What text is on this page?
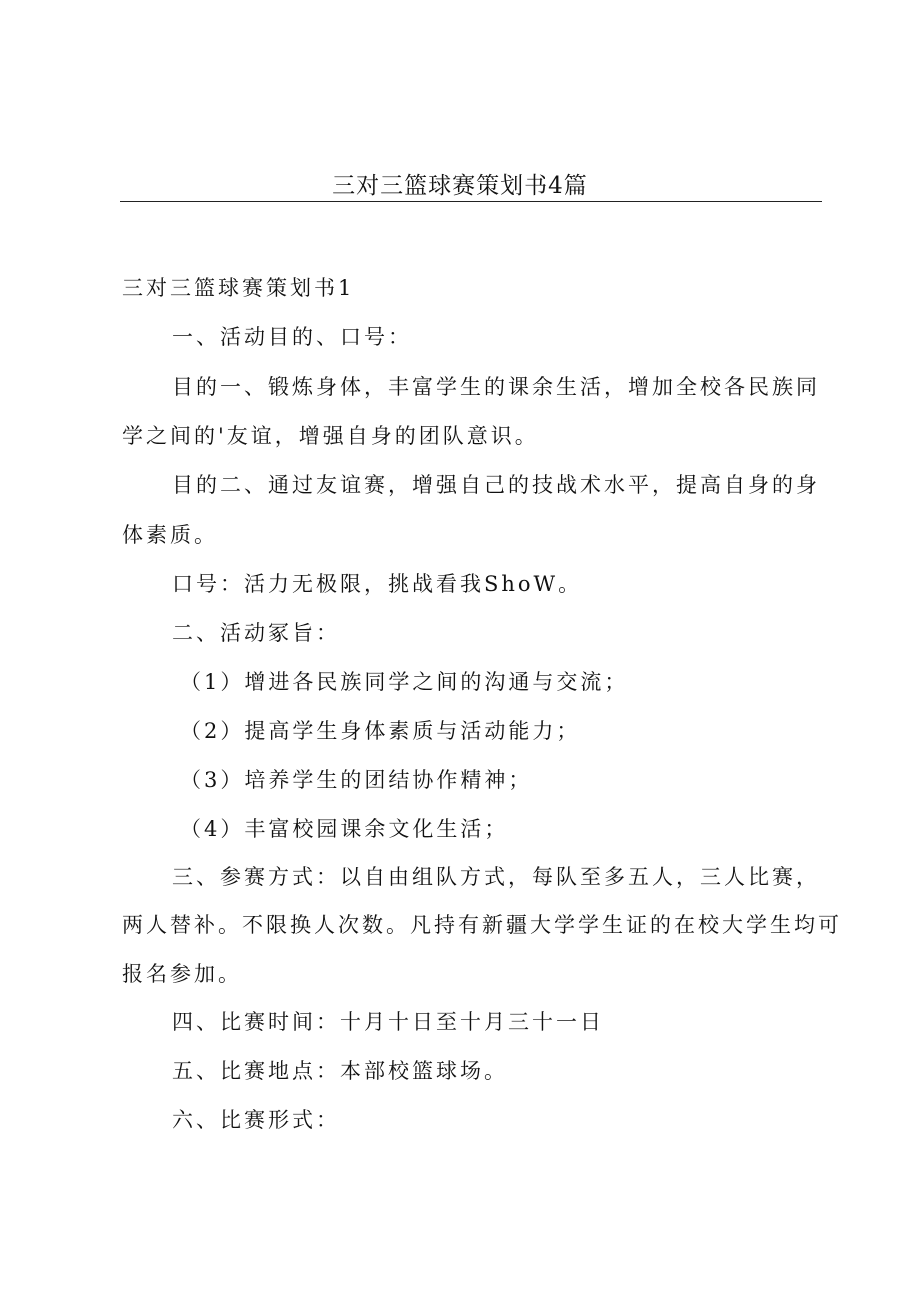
三对三篮球赛策划书4篇

三对三篮球赛策划书1

一、活动目的、口号：

目的一、锻炼身体，丰富学生的课余生活，增加全校各民族同

学之间的'友谊，增强自身的团队意识。

目的二、通过友谊赛，增强自己的技战术水平，提高自身的身

体素质。

口号：活力无极限，挑战看我ShoW。

二、活动冢旨：

（1）增进各民族同学之间的沟通与交流；

（2）提高学生身体素质与活动能力；

（3）培养学生的团结协作精神；

（4）丰富校园课余文化生活；

三、参赛方式：以自由组队方式，每队至多五人，三人比赛，

两人替补。不限换人次数。凡持有新疆大学学生证的在校大学生均可

报名参加。

四、比赛时间：十月十日至十月三十一日

五、比赛地点：本部校篮球场。

六、比赛形式：
